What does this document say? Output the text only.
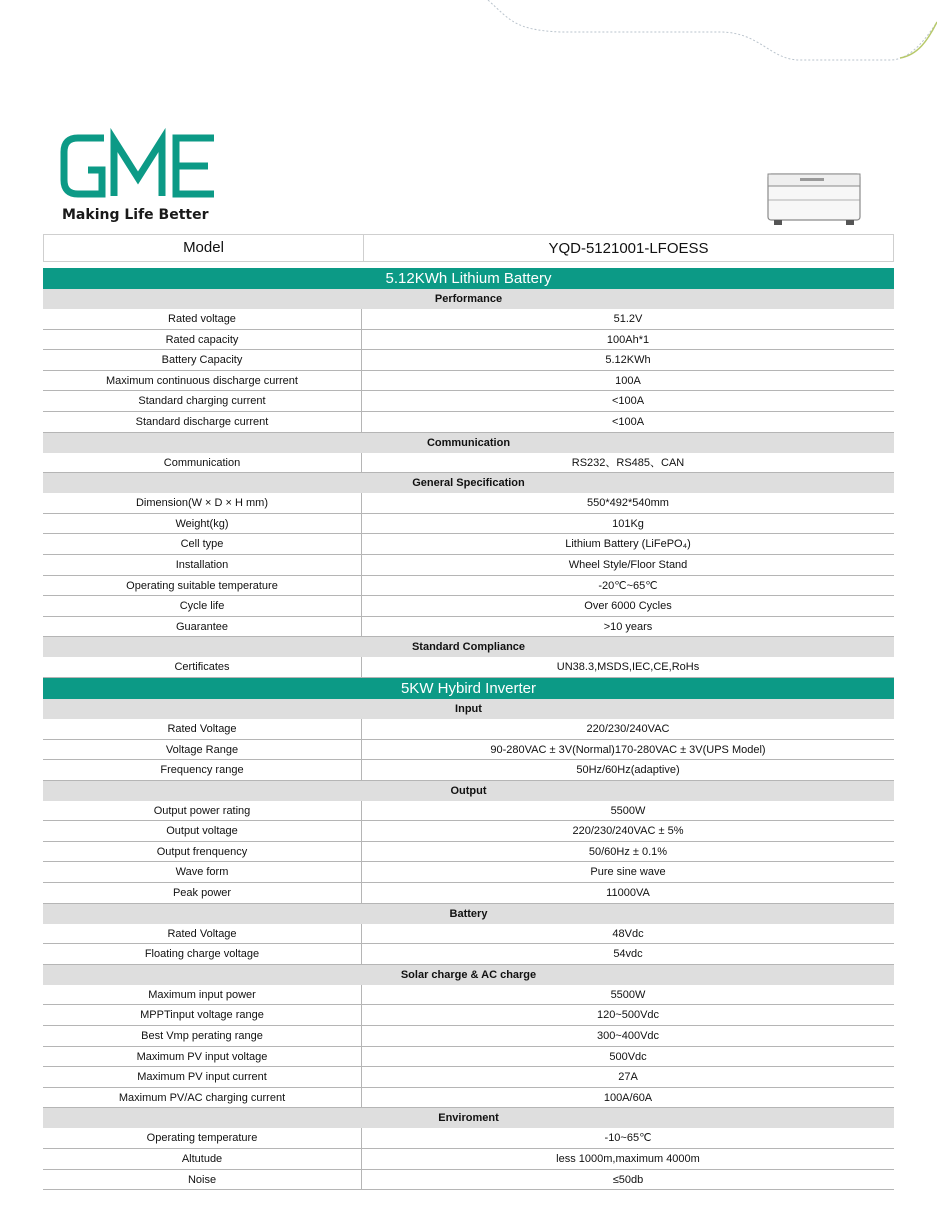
Making Life Better
Model	YQD-5121001-LFOESS
5.12KWh Lithium Battery
Performance
Rated voltage	51.2V
Rated capacity	100Ah*1
Battery Capacity	5.12KWh
Maximum continuous discharge current	100A
Standard charging current	<100A
Standard discharge current	<100A
Communication
Communication	RS232、RS485、CAN
General Specification
Dimension(W × D × H mm)	550*492*540mm
Weight(kg)	101Kg
Cell type	Lithium Battery (LiFePO₄)
Installation	Wheel Style/Floor Stand
Operating suitable temperature	-20℃~65℃
Cycle life	Over 6000 Cycles
Guarantee	>10 years
Standard Compliance
Certificates	UN38.3,MSDS,IEC,CE,RoHs
5KW Hybird Inverter
Input
Rated Voltage	220/230/240VAC
Voltage Range	90-280VAC ± 3V(Normal)170-280VAC ± 3V(UPS Model)
Frequency range	50Hz/60Hz(adaptive)
Output
Output power rating	5500W
Output voltage	220/230/240VAC ± 5%
Output frenquency	50/60Hz ± 0.1%
Wave form	Pure sine wave
Peak power	11000VA
Battery
Rated Voltage	48Vdc
Floating charge voltage	54vdc
Solar charge & AC charge
Maximum input power	5500W
MPPTinput voltage range	120~500Vdc
Best Vmp perating range	300~400Vdc
Maximum PV input voltage	500Vdc
Maximum PV input current	27A
Maximum PV/AC charging current	100A/60A
Enviroment
Operating temperature	-10~65℃
Altutude	less 1000m,maximum 4000m
Noise	≤50db
